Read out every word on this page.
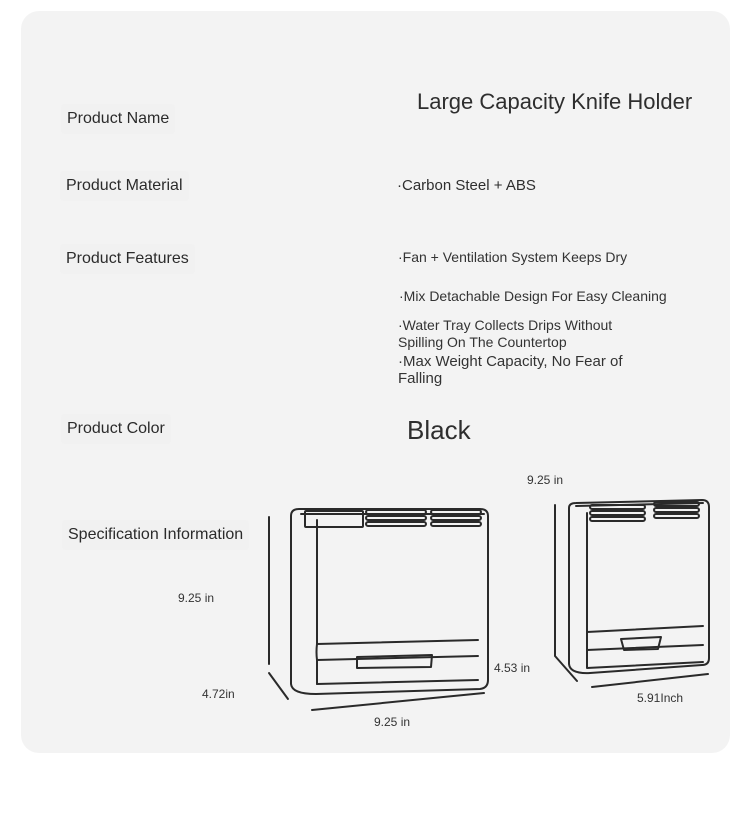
Product Name
Product Material
Product Features
Product Color
Specification Information
Large Capacity Knife Holder
·Carbon Steel + ABS
·Fan + Ventilation System Keeps Dry
·Mix Detachable Design For Easy Cleaning
·Water Tray Collects Drips Without Spilling On The Countertop
·Max Weight Capacity, No Fear of Falling
Black
9.25 in
4.72in
9.25 in
4.53 in
9.25 in
5.91Inch
